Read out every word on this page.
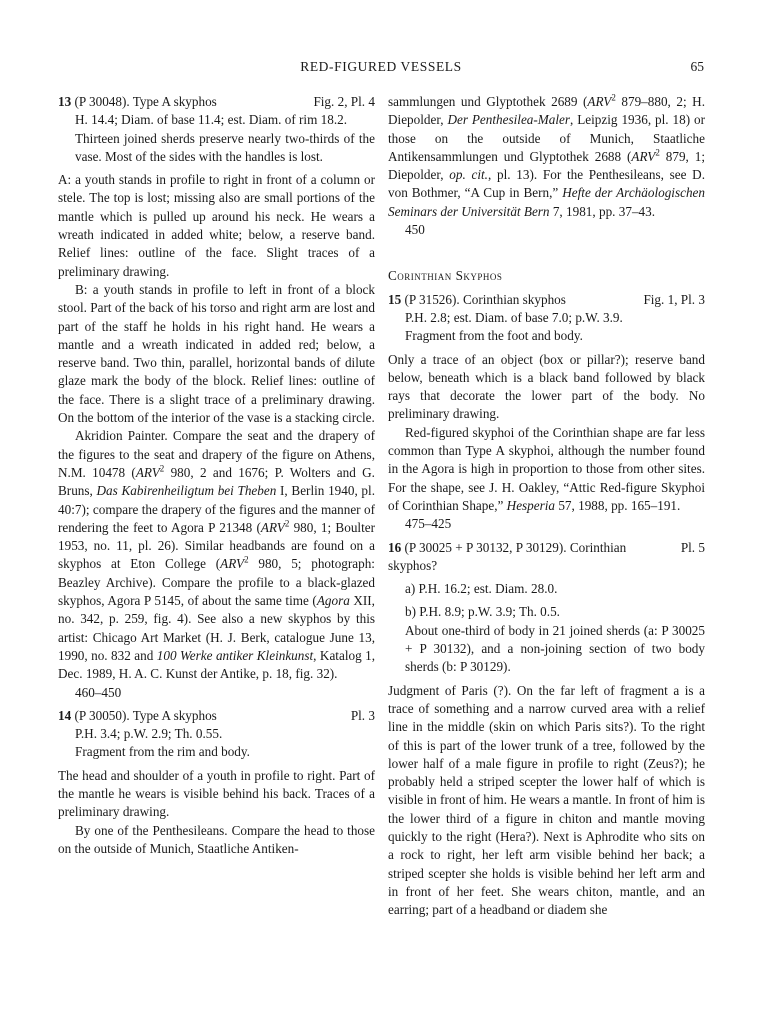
RED-FIGURED VESSELS	65
13 (P 30048). Type A skyphos	Fig. 2, Pl. 4

H. 14.4; Diam. of base 11.4; est. Diam. of rim 18.2.

Thirteen joined sherds preserve nearly two-thirds of the vase. Most of the sides with the handles is lost.

A: a youth stands in profile to right in front of a column or stele. The top is lost; missing also are small portions of the mantle which is pulled up around his neck. He wears a wreath indicated in added white; below, a reserve band. Relief lines: outline of the face. Slight traces of a preliminary drawing.

B: a youth stands in profile to left in front of a block stool. Part of the back of his torso and right arm are lost and part of the staff he holds in his right hand. He wears a mantle and a wreath indicated in added red; below, a reserve band. Two thin, parallel, horizontal bands of dilute glaze mark the body of the block. Relief lines: outline of the face. There is a slight trace of a preliminary drawing. On the bottom of the interior of the vase is a stacking circle.

Akridion Painter. Compare the seat and the drapery of the figures to the seat and drapery of the figure on Athens, N.M. 10478 (ARV$^2$ 980, 2 and 1676; P. Wolters and G. Bruns, Das Kabirenheiligtum bei Theben I, Berlin 1940, pl. 40:7); compare the drapery of the figures and the manner of rendering the feet to Agora P 21348 (ARV$^2$ 980, 1; Boulter 1953, no. 11, pl. 26). Similar headbands are found on a skyphos at Eton College (ARV$^2$ 980, 5; photograph: Beazley Archive). Compare the profile to a black-glazed skyphos, Agora P 5145, of about the same time (Agora XII, no. 342, p. 259, fig. 4). See also a new skyphos by this artist: Chicago Art Market (H. J. Berk, catalogue June 13, 1990, no. 832 and 100 Werke antiker Kleinkunst, Katalog 1, Dec. 1989, H. A. C. Kunst der Antike, p. 18, fig. 32).

460–450

14 (P 30050). Type A skyphos	Pl. 3

P.H. 3.4; p.W. 2.9; Th. 0.55.

Fragment from the rim and body.

The head and shoulder of a youth in profile to right. Part of the mantle he wears is visible behind his back. Traces of a preliminary drawing.

By one of the Penthesileans. Compare the head to those on the outside of Munich, Staatliche Antiken-

sammlungen und Glyptothek 2689 (ARV$^2$ 879–880, 2; H. Diepolder, Der Penthesilea-Maler, Leipzig 1936, pl. 18) or those on the outside of Munich, Staatliche Antikensammlungen und Glyptothek 2688 (ARV$^2$ 879, 1; Diepolder, op. cit., pl. 13). For the Penthesileans, see D. von Bothmer, “A Cup in Bern,” Hefte der Archäologischen Seminars der Universität Bern 7, 1981, pp. 37–43.

450

Corinthian Skyphos
15 (P 31526). Corinthian skyphos	Fig. 1, Pl. 3

P.H. 2.8; est. Diam. of base 7.0; p.W. 3.9.

Fragment from the foot and body.

Only a trace of an object (box or pillar?); reserve band below, beneath which is a black band followed by black rays that decorate the lower part of the body. No preliminary drawing.

Red-figured skyphoi of the Corinthian shape are far less common than Type A skyphoi, although the number found in the Agora is high in proportion to those from other sites. For the shape, see J. H. Oakley, “Attic Red-figure Skyphoi of Corinthian Shape,” Hesperia 57, 1988, pp. 165–191.

475–425

16 (P 30025 + P 30132, P 30129). Corinthian skyphos?
Pl. 5

a) P.H. 16.2; est. Diam. 28.0.

b) P.H. 8.9; p.W. 3.9; Th. 0.5.

About one-third of body in 21 joined sherds (a: P 30025 + P 30132), and a non-joining section of two body sherds (b: P 30129).

Judgment of Paris (?). On the far left of fragment a is a trace of something and a narrow curved area with a relief line in the middle (skin on which Paris sits?). To the right of this is part of the lower trunk of a tree, followed by the lower half of a male figure in profile to right (Zeus?); he probably held a striped scepter the lower half of which is visible in front of him. He wears a mantle. In front of him is the lower third of a figure in chiton and mantle moving quickly to the right (Hera?). Next is Aphrodite who sits on a rock to right, her left arm visible behind her back; a striped scepter she holds is visible behind her left arm and in front of her feet. She wears chiton, mantle, and an earring; part of a headband or diadem she
